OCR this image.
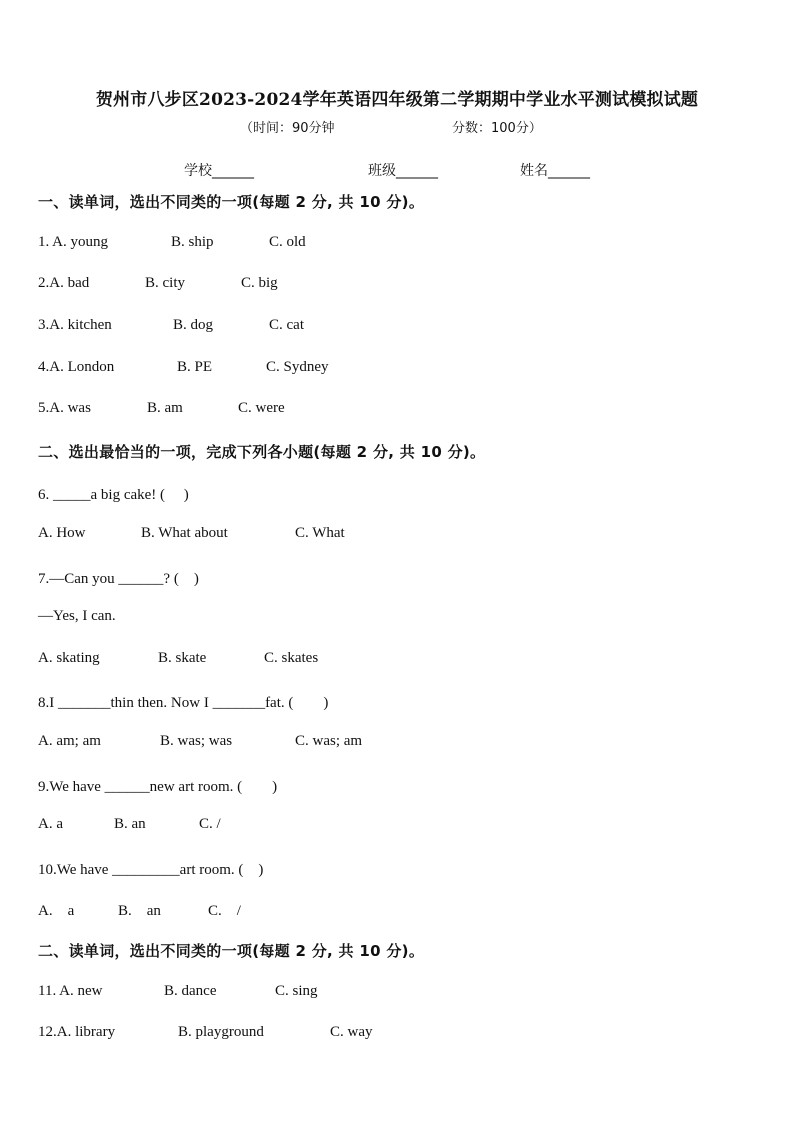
贺州市八步区2023-2024学年英语四年级第二学期期中学业水平测试模拟试题
（时间：90分钟	分数：100分）
学校______	班级______	姓名______
一、读单词，选出不同类的一项(每题 2 分, 共 10 分)。
1. A. young	B. ship	C. old
2.A. bad	B. city	C. big
3.A. kitchen	B. dog	C. cat
4.A. London	B. PE	C. Sydney
5.A. was	B. am	C. were
二、选出最恰当的一项，完成下列各小题(每题 2 分, 共 10 分)。
6. _____a big cake! (　 )
A. How	B. What about	C. What
7.—Can you ______? (　)
—Yes, I can.
A. skating	B. skate	C. skates
8.I _______thin then. Now I _______fat. (　　)
A. am; am	B. was; was	C. was; am
9.We have ______new art room. (　　)
A. a	B. an	C. /
10.We have _________art room. (　)
A.　a	B.　an	C.　/
二、读单词，选出不同类的一项(每题 2 分, 共 10 分)。
11. A. new	B. dance	C. sing
12.A. library	B. playground	C. way
